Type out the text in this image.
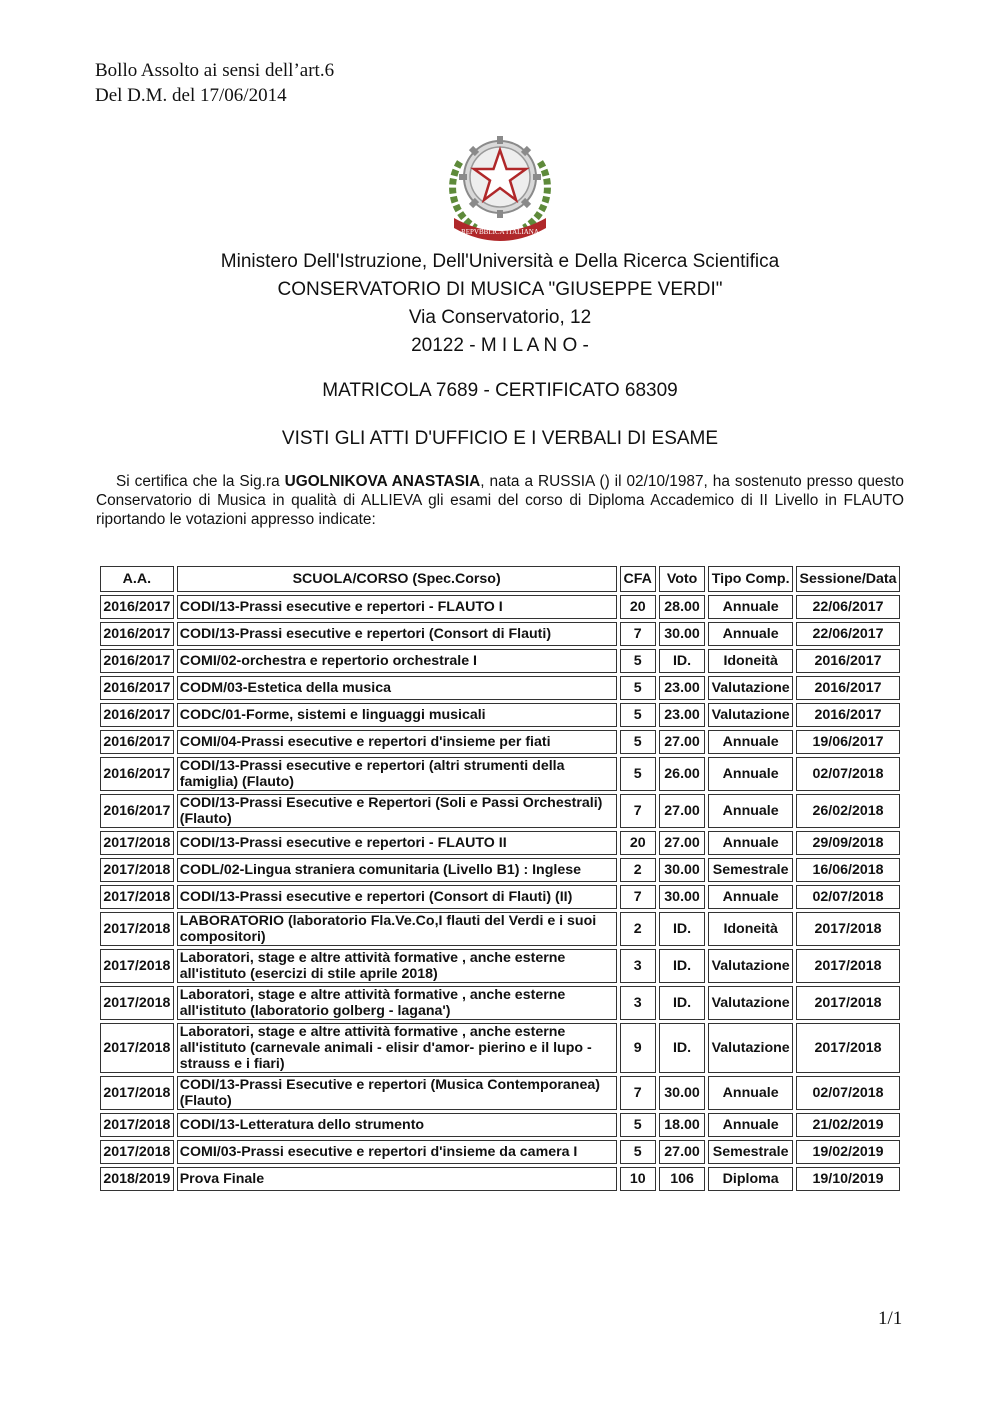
Bollo Assolto ai sensi dell’art.6
Del D.M. del 17/06/2014
REPVBBLICA ITALIANA
Ministero Dell'Istruzione, Dell'Università e Della Ricerca Scientifica
CONSERVATORIO DI MUSICA "GIUSEPPE VERDI"
Via Conservatorio, 12
20122 - M I L A N O -
MATRICOLA 7689 - CERTIFICATO 68309
VISTI GLI ATTI D'UFFICIO E I VERBALI DI ESAME
Si certifica che la Sig.ra UGOLNIKOVA ANASTASIA, nata a RUSSIA () il 02/10/1987, ha sostenuto presso questo Conservatorio di Musica in qualità di ALLIEVA gli esami del corso di Diploma Accademico di II Livello in FLAUTO riportando le votazioni appresso indicate:
A.A.	SCUOLA/CORSO (Spec.Corso)	CFA	Voto	Tipo Comp.	Sessione/Data
2016/2017	CODI/13-Prassi esecutive e repertori - FLAUTO I	20	28.00	Annuale	22/06/2017
2016/2017	CODI/13-Prassi esecutive e repertori (Consort di Flauti)	7	30.00	Annuale	22/06/2017
2016/2017	COMI/02-orchestra e repertorio orchestrale I	5	ID.	Idoneità	2016/2017
2016/2017	CODM/03-Estetica della musica	5	23.00	Valutazione	2016/2017
2016/2017	CODC/01-Forme, sistemi e linguaggi musicali	5	23.00	Valutazione	2016/2017
2016/2017	COMI/04-Prassi esecutive e repertori d'insieme per fiati	5	27.00	Annuale	19/06/2017
2016/2017	CODI/13-Prassi esecutive e repertori (altri strumenti della famiglia) (Flauto)	5	26.00	Annuale	02/07/2018
2016/2017	CODI/13-Prassi Esecutive e Repertori (Soli e Passi Orchestrali) (Flauto)	7	27.00	Annuale	26/02/2018
2017/2018	CODI/13-Prassi esecutive e repertori - FLAUTO II	20	27.00	Annuale	29/09/2018
2017/2018	CODL/02-Lingua straniera comunitaria (Livello B1) : Inglese	2	30.00	Semestrale	16/06/2018
2017/2018	CODI/13-Prassi esecutive e repertori (Consort di Flauti) (II)	7	30.00	Annuale	02/07/2018
2017/2018	LABORATORIO (laboratorio Fla.Ve.Co,I flauti del Verdi e i suoi compositori)	2	ID.	Idoneità	2017/2018
2017/2018	Laboratori, stage e altre attività formative , anche esterne all'istituto (esercizi di stile aprile 2018)	3	ID.	Valutazione	2017/2018
2017/2018	Laboratori, stage e altre attività formative , anche esterne all'istituto (laboratorio golberg - lagana')	3	ID.	Valutazione	2017/2018
2017/2018	Laboratori, stage e altre attività formative , anche esterne all'istituto (carnevale animali - elisir d'amor- pierino e il lupo - strauss e i fiari)	9	ID.	Valutazione	2017/2018
2017/2018	CODI/13-Prassi Esecutive e repertori (Musica Contemporanea) (Flauto)	7	30.00	Annuale	02/07/2018
2017/2018	CODI/13-Letteratura dello strumento	5	18.00	Annuale	21/02/2019
2017/2018	COMI/03-Prassi esecutive e repertori d'insieme da camera I	5	27.00	Semestrale	19/02/2019
2018/2019	Prova Finale	10	106	Diploma	19/10/2019
1/1
